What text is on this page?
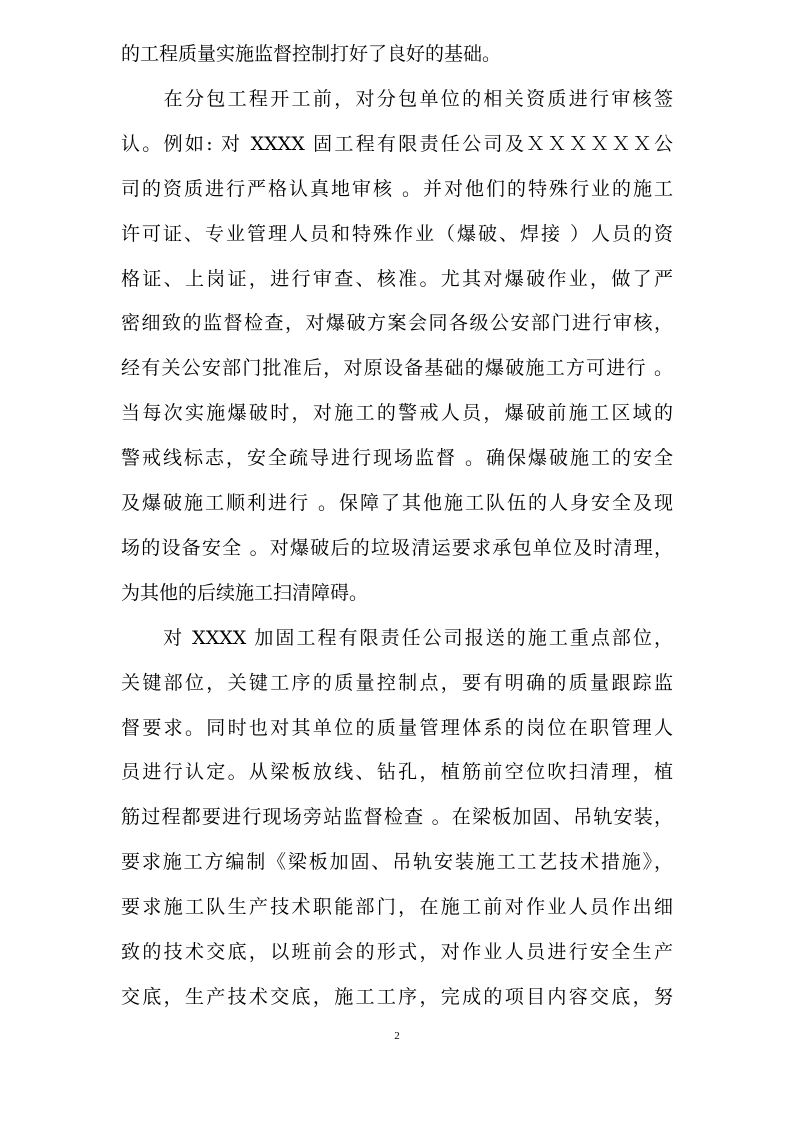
的工程质量实施监督控制打好了良好的基础。
　　在分包工程开工前，对分包单位的相关资质进行审核签
认。例如: 对 XXXX 固工程有限责任公司及ＸＸＸＸＸＸ公
司的资质进行严格认真地审核 。并对他们的特殊行业的施工
许可证、专业管理人员和特殊作业（爆破、焊接 ）人员的资
格证、上岗证，进行审查、核准。尤其对爆破作业，做了严
密细致的监督检查，对爆破方案会同各级公安部门进行审核，
经有关公安部门批准后，对原设备基础的爆破施工方可进行 。
当每次实施爆破时，对施工的警戒人员，爆破前施工区域的
警戒线标志，安全疏导进行现场监督 。确保爆破施工的安全
及爆破施工顺利进行 。保障了其他施工队伍的人身安全及现
场的设备安全 。对爆破后的垃圾清运要求承包单位及时清理，
为其他的后续施工扫清障碍。
　　对 XXXX 加固工程有限责任公司报送的施工重点部位，
关键部位，关键工序的质量控制点，要有明确的质量跟踪监
督要求。同时也对其单位的质量管理体系的岗位在职管理人
员进行认定。从梁板放线、钻孔，植筋前空位吹扫清理，植
筋过程都要进行现场旁站监督检查 。在梁板加固、吊轨安装，
要求施工方编制《梁板加固、吊轨安装施工工艺技术措施》，
要求施工队生产技术职能部门，在施工前对作业人员作出细
致的技术交底，以班前会的形式，对作业人员进行安全生产
2
交底，生产技术交底，施工工序，完成的项目内容交底，努
